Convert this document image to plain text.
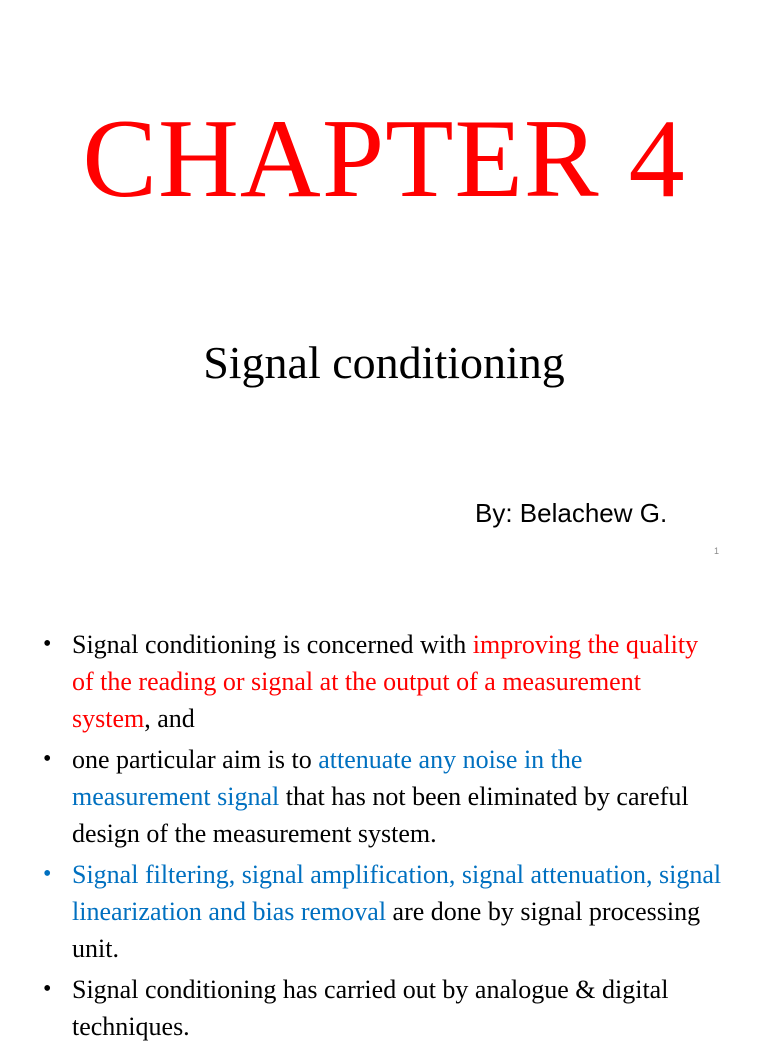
CHAPTER 4
Signal conditioning
By: Belachew G.
1
• Signal conditioning is concerned with improving the quality of the reading or signal at the output of a measurement system, and
• one particular aim is to attenuate any noise in the measurement signal that has not been eliminated by careful design of the measurement system.
• Signal filtering, signal amplification, signal attenuation, signal linearization and bias removal are done by signal processing unit.
• Signal conditioning has carried out by analogue & digital techniques.
